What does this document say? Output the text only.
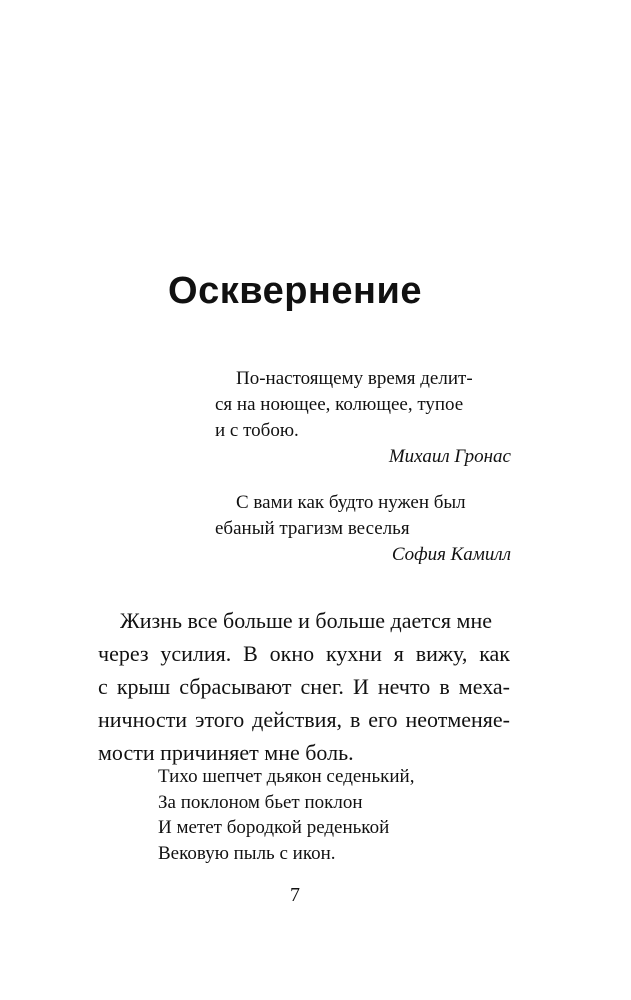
Осквернение
По-настоящему время делит-
ся на ноющее, колющее, тупое
и с тобою.
Михаил Гронас
С вами как будто нужен был
ебаный трагизм веселья
София Камилл
Жизнь все больше и больше дается мне
через усилия. В окно кухни я вижу, как
с крыш сбрасывают снег. И нечто в меха-
ничности этого действия, в его неотменяе-
мости причиняет мне боль.
Тихо шепчет дьякон седенький,
За поклоном бьет поклон
И метет бородкой реденькой
Вековую пыль с икон.
7
